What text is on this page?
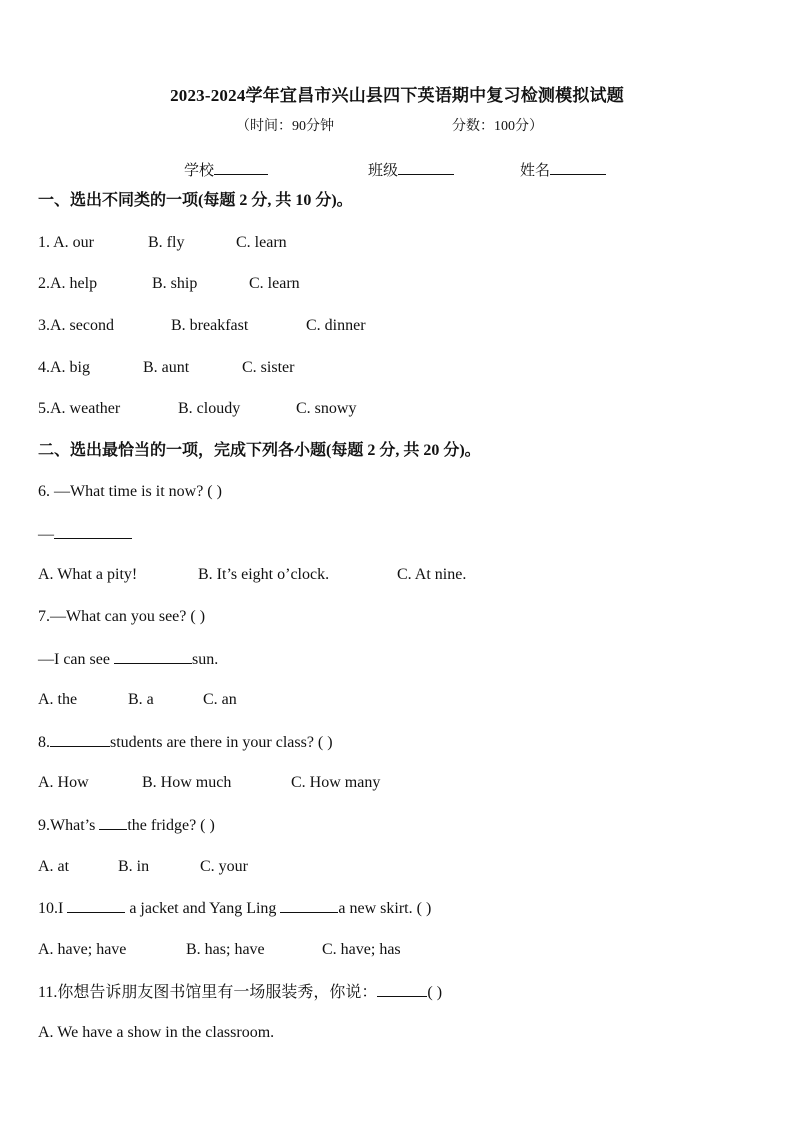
2023-2024学年宜昌市兴山县四下英语期中复习检测模拟试题
（时间：90分钟	分数：100分）
学校	班级	姓名
一、选出不同类的一项(每题 2 分, 共 10 分)。
1. A. our	B. fly	C. learn
2.A. help	B. ship	C. learn
3.A. second	B. breakfast	C. dinner
4.A. big	B. aunt	C. sister
5.A. weather	B. cloudy	C. snowy
二、选出最恰当的一项，完成下列各小题(每题 2 分, 共 20 分)。
6. —What time is it now? ( )
—
A. What a pity!	B. It’s eight o’clock.	C. At nine.
7.—What can you see? ( )
—I can see	sun.
A. the	B. a	C. an
8.	students are there in your class? ( )
A. How	B. How much	C. How many
9.What’s the fridge? ( )
A. at	B. in	C. your
10.I	a jacket and Yang Ling	a new skirt. ( )
A. have; have	B. has; have	C. have; has
11.你想告诉朋友图书馆里有一场服装秀，你说：	( )
A. We have a show in the classroom.
